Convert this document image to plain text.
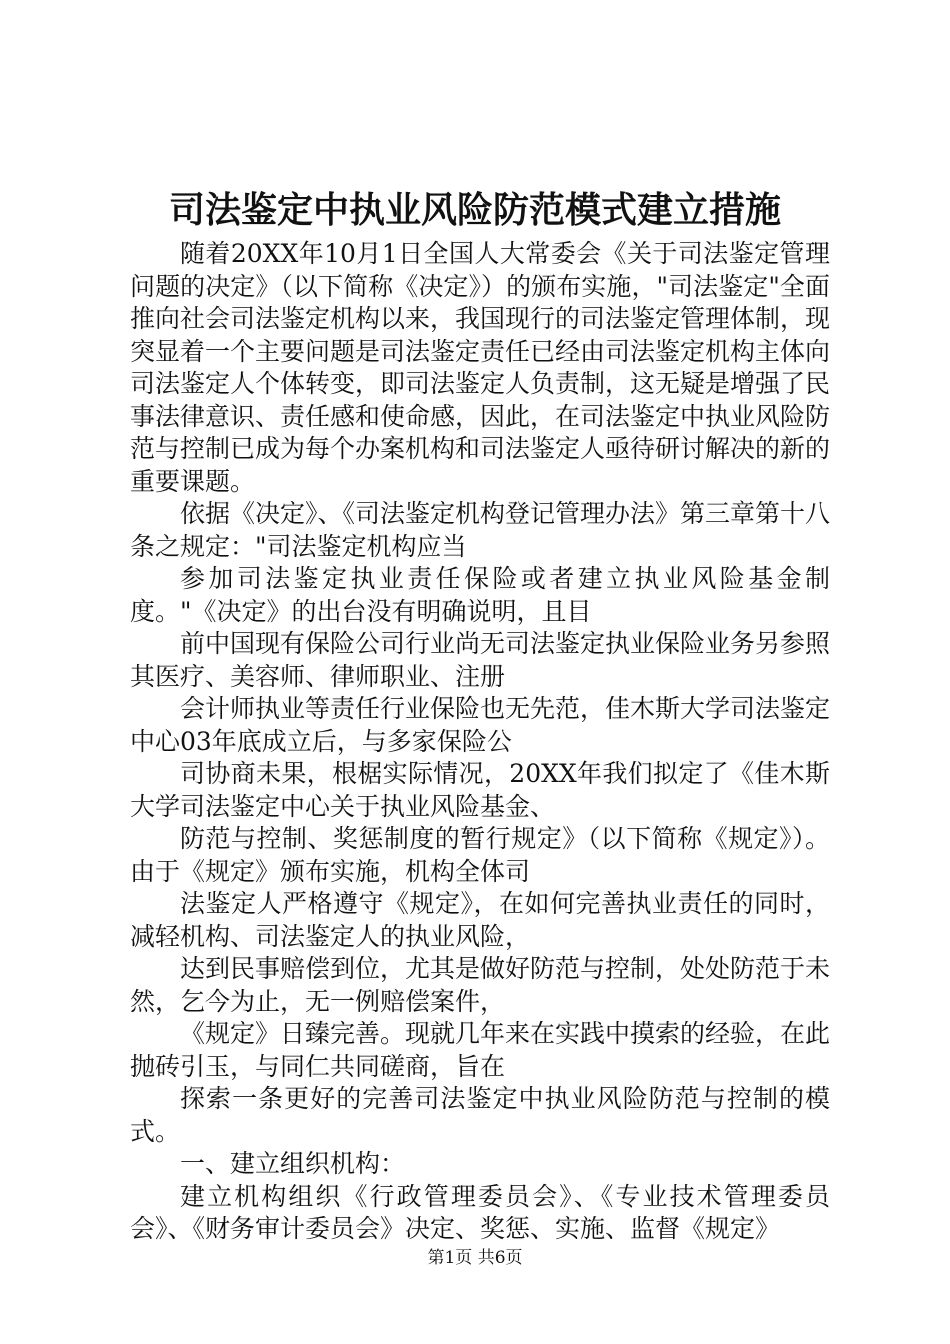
司法鉴定中执业风险防范模式建立措施

随着20XX年10月1日全国人大常委会《关于司法鉴定管理问题的决定》（以下简称《决定》）的颁布实施，"司法鉴定"全面推向社会司法鉴定机构以来，我国现行的司法鉴定管理体制，现突显着一个主要问题是司法鉴定责任已经由司法鉴定机构主体向司法鉴定人个体转变，即司法鉴定人负责制，这无疑是增强了民事法律意识、责任感和使命感，因此，在司法鉴定中执业风险防范与控制已成为每个办案机构和司法鉴定人亟待研讨解决的新的重要课题。

依据《决定》、《司法鉴定机构登记管理办法》第三章第十八条之规定："司法鉴定机构应当

参加司法鉴定执业责任保险或者建立执业风险基金制度。"《决定》的出台没有明确说明，且目

前中国现有保险公司行业尚无司法鉴定执业保险业务另参照其医疗、美容师、律师职业、注册

会计师执业等责任行业保险也无先范，佳木斯大学司法鉴定中心03年底成立后，与多家保险公

司协商未果，根椐实际情况，20XX年我们拟定了《佳木斯大学司法鉴定中心关于执业风险基金、

防范与控制、奖惩制度的暂行规定》（以下简称《规定》）。由于《规定》颁布实施，机构全体司

法鉴定人严格遵守《规定》，在如何完善执业责任的同时，减轻机构、司法鉴定人的执业风险，

达到民事赔偿到位，尤其是做好防范与控制，处处防范于未然，乞今为止，无一例赔偿案件，

《规定》日臻完善。现就几年来在实践中摸索的经验，在此抛砖引玉，与同仁共同磋商，旨在

探索一条更好的完善司法鉴定中执业风险防范与控制的模式。

一、建立组织机构：

建立机构组织《行政管理委员会》、《专业技术管理委员会》、《财务审计委员会》决定、奖惩、实施、监督《规定》

第1页 共6页
